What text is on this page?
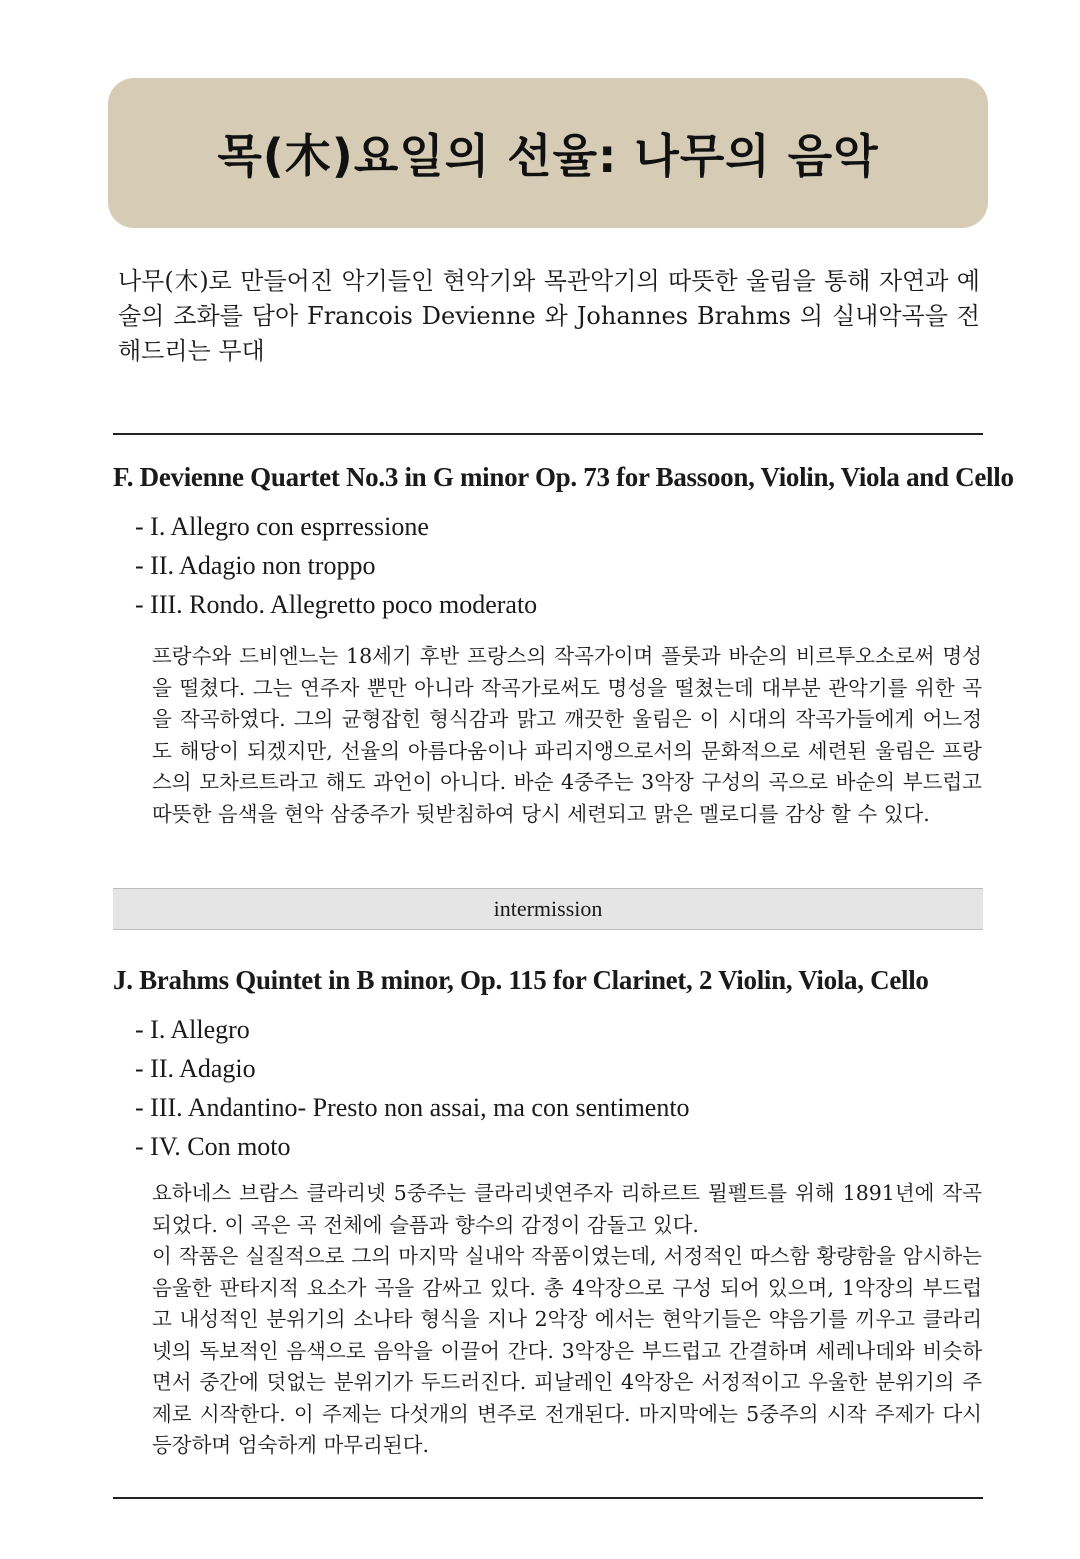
목(木)요일의 선율: 나무의 음악

나무(木)로 만들어진 악기들인 현악기와 목관악기의 따뜻한 울림을 통해 자연과 예술의 조화를 담아 Francois Devienne 와 Johannes Brahms 의 실내악곡을 전해드리는 무대

F. Devienne Quartet No.3 in G minor Op. 73 for Bassoon, Violin, Viola and Cello
- I. Allegro con esprressione
- II. Adagio non troppo
- III. Rondo. Allegretto poco moderato

프랑수와 드비엔느는 18세기 후반 프랑스의 작곡가이며 플룻과 바순의 비르투오소로써 명성을 떨쳤다. 그는 연주자 뿐만 아니라 작곡가로써도 명성을 떨쳤는데 대부분 관악기를 위한 곡을 작곡하였다. 그의 균형잡힌 형식감과 맑고 깨끗한 울림은 이 시대의 작곡가들에게 어느정도 해당이 되겠지만, 선율의 아름다움이나 파리지앵으로서의 문화적으로 세련된 울림은 프랑스의 모차르트라고 해도 과언이 아니다. 바순 4중주는 3악장 구성의 곡으로 바순의 부드럽고 따뜻한 음색을 현악 삼중주가 뒷받침하여 당시 세련되고 맑은 멜로디를 감상 할 수 있다.

intermission
J. Brahms Quintet in B minor, Op. 115 for Clarinet, 2 Violin, Viola, Cello
- I. Allegro
- II. Adagio
- III. Andantino- Presto non assai, ma con sentimento
- IV. Con moto
요하네스 브람스 클라리넷 5중주는 클라리넷연주자 리하르트 뮐펠트를 위해 1891년에 작곡되었다. 이 곡은 곡 전체에 슬픔과 향수의 감정이 감돌고 있다.
이 작품은 실질적으로 그의 마지막 실내악 작품이였는데, 서정적인 따스함 황량함을 암시하는 음울한 판타지적 요소가 곡을 감싸고 있다. 총 4악장으로 구성 되어 있으며, 1악장의 부드럽고 내성적인 분위기의 소나타 형식을 지나 2악장 에서는 현악기들은 약음기를 끼우고 클라리넷의 독보적인 음색으로 음악을 이끌어 간다. 3악장은 부드럽고 간결하며 세레나데와 비슷하면서 중간에 덧없는 분위기가 두드러진다. 피날레인 4악장은 서정적이고 우울한 분위기의 주제로 시작한다. 이 주제는 다섯개의 변주로 전개된다. 마지막에는 5중주의 시작 주제가 다시 등장하며 엄숙하게 마무리된다.
